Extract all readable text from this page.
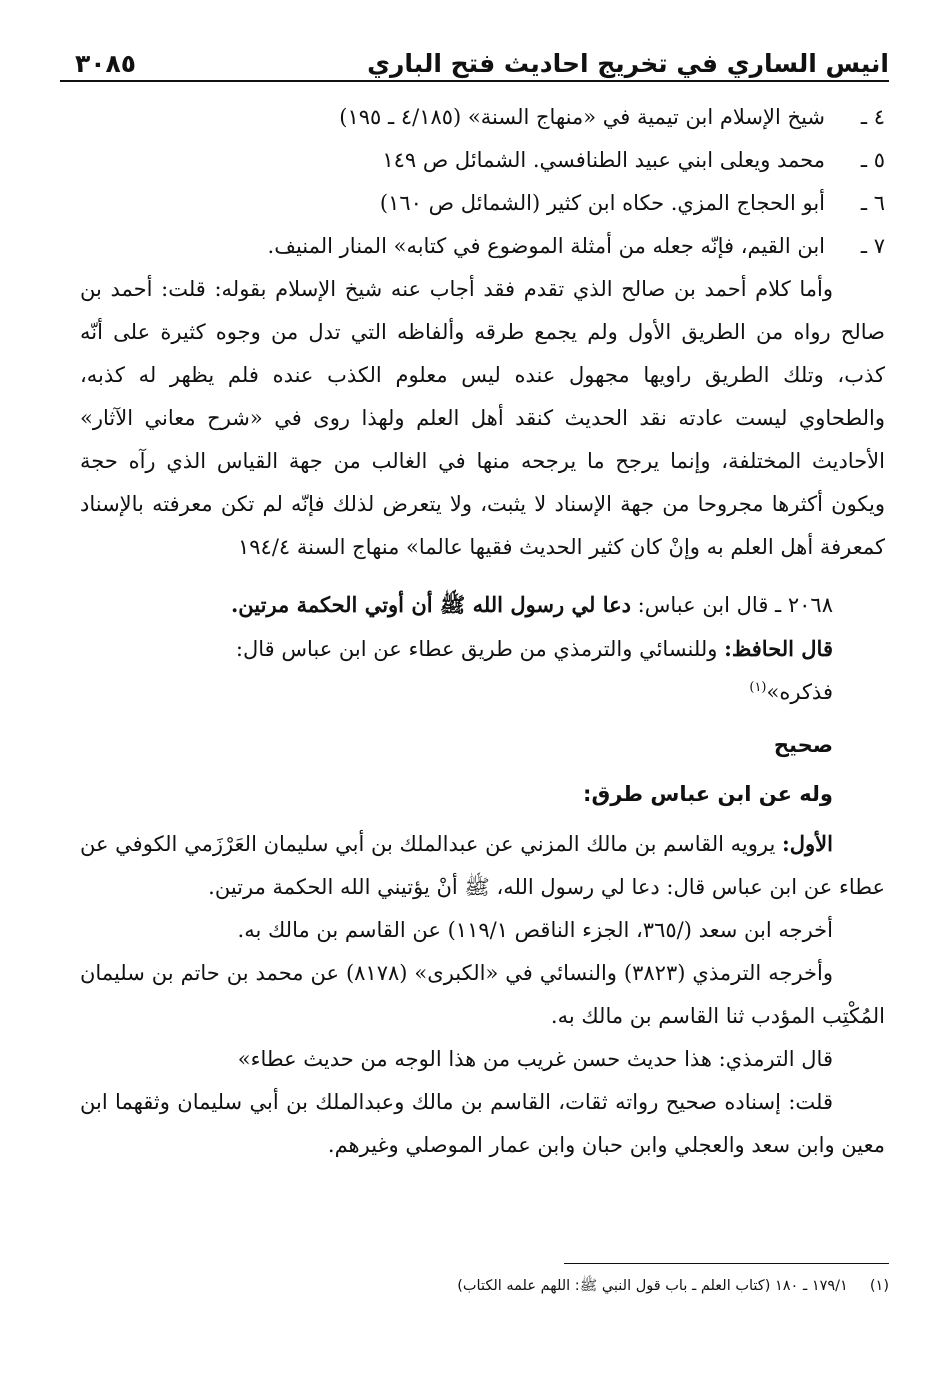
انيس الساري في تخريج احاديث فتح الباري
٣٠٨٥

٤ ـشيخ الإسلام ابن تيمية في «منهاج السنة» (٤/١٨٥ ـ ١٩٥)

٥ ـمحمد ويعلى ابني عبيد الطنافسي. الشمائل ص ١٤٩

٦ ـأبو الحجاج المزي. حكاه ابن كثير (الشمائل ص ١٦٠)

٧ ـابن القيم، فإنّه جعله من أمثلة الموضوع في كتابه» المنار المنيف.

وأما كلام أحمد بن صالح الذي تقدم فقد أجاب عنه شيخ الإسلام بقوله: قلت: أحمد بن صالح رواه من الطريق الأول ولم يجمع طرقه وألفاظه التي تدل من وجوه كثيرة على أنّه كذب، وتلك الطريق راويها مجهول عنده ليس معلوم الكذب عنده فلم يظهر له كذبه، والطحاوي ليست عادته نقد الحديث كنقد أهل العلم ولهذا روى في «شرح معاني الآثار» الأحاديث المختلفة، وإنما يرجح ما يرجحه منها في الغالب من جهة القياس الذي رآه حجة ويكون أكثرها مجروحا من جهة الإسناد لا يثبت، ولا يتعرض لذلك فإنّه لم تكن معرفته بالإسناد كمعرفة أهل العلم به وإنْ كان كثير الحديث فقيها عالما» منهاج السنة ١٩٤/٤

٢٠٦٨ ـ قال ابن عباس: دعا لي رسول الله ﷺ أن أوتي الحكمة مرتين.

قال الحافظ: وللنسائي والترمذي من طريق عطاء عن ابن عباس قال:

فذكره»$^{(١)}$

صحيح

وله عن ابن عباس طرق:

الأول: يرويه القاسم بن مالك المزني عن عبدالملك بن أبي سليمان العَرْزَمي الكوفي عن عطاء عن ابن عباس قال: دعا لي رسول الله، ﷺ أنْ يؤتيني الله الحكمة مرتين.

أخرجه ابن سعد (/٣٦٥، الجزء الناقص ١١٩/١) عن القاسم بن مالك به.

وأخرجه الترمذي (٣٨٢٣) والنسائي في «الكبرى» (٨١٧٨) عن محمد بن حاتم بن سليمان المُكْتِب المؤدب ثنا القاسم بن مالك به.

قال الترمذي: هذا حديث حسن غريب من هذا الوجه من حديث عطاء»

قلت: إسناده صحيح رواته ثقات، القاسم بن مالك وعبدالملك بن أبي سليمان وثقهما ابن معين وابن سعد والعجلي وابن حبان وابن عمار الموصلي وغيرهم.

(١)١٧٩/١ ـ ١٨٠ (كتاب العلم ـ باب قول النبي ﷺ: اللهم علمه الكتاب)
